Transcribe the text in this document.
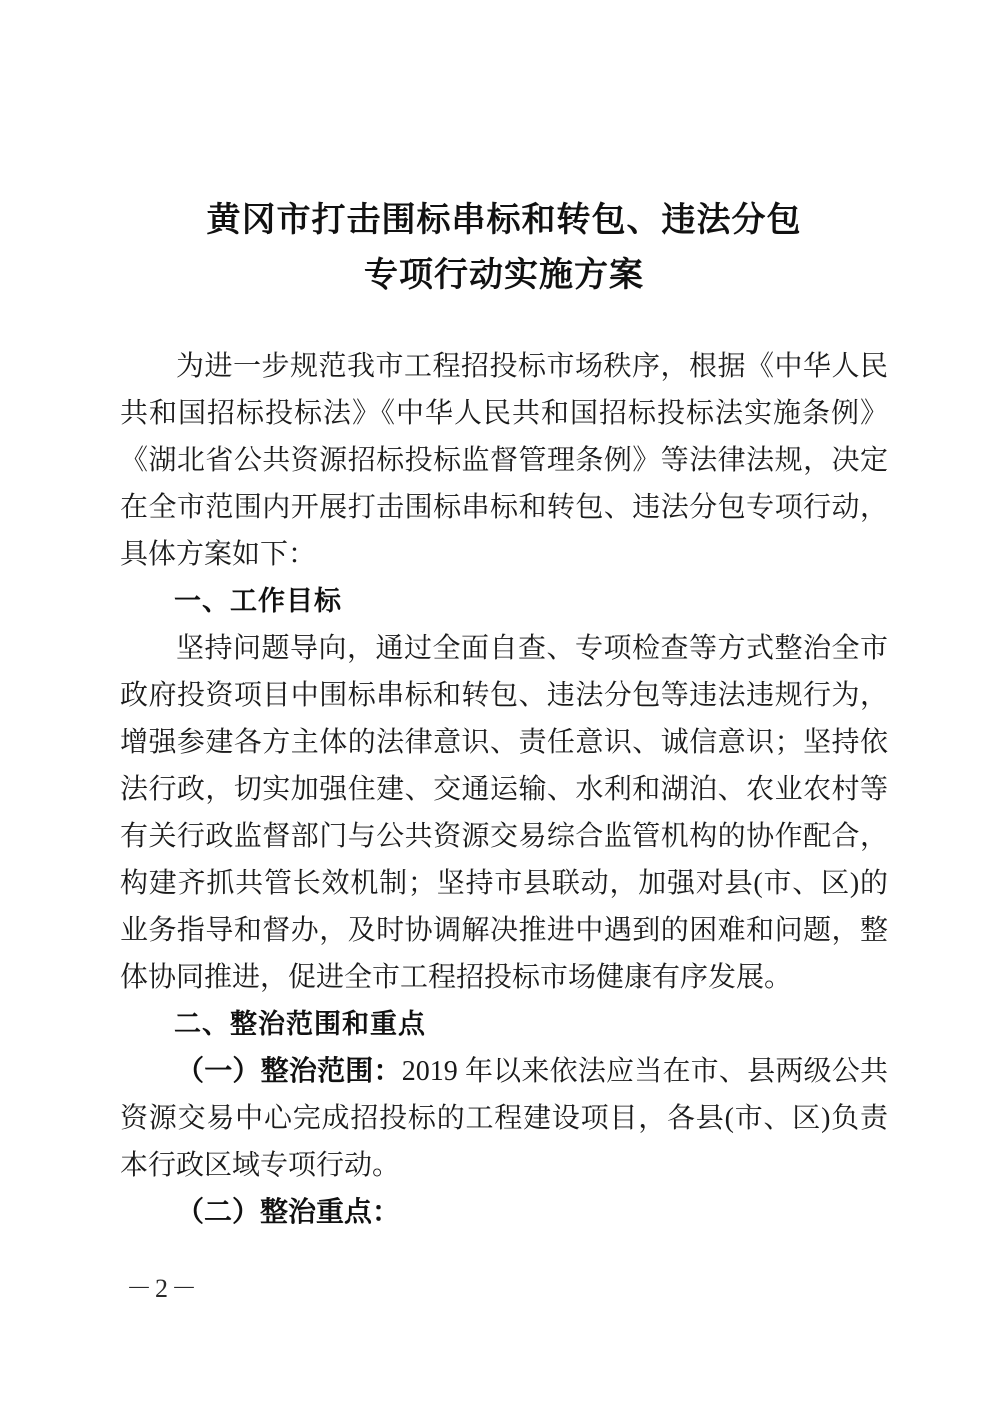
黄冈市打击围标串标和转包、违法分包
专项行动实施方案

为进一步规范我市工程招投标市场秩序，根据《中华人民共和国招标投标法》《中华人民共和国招标投标法实施条例》《湖北省公共资源招标投标监督管理条例》等法律法规，决定在全市范围内开展打击围标串标和转包、违法分包专项行动，具体方案如下：

一、工作目标

坚持问题导向，通过全面自查、专项检查等方式整治全市政府投资项目中围标串标和转包、违法分包等违法违规行为，增强参建各方主体的法律意识、责任意识、诚信意识；坚持依法行政，切实加强住建、交通运输、水利和湖泊、农业农村等有关行政监督部门与公共资源交易综合监管机构的协作配合，构建齐抓共管长效机制；坚持市县联动，加强对县(市、区)的业务指导和督办，及时协调解决推进中遇到的困难和问题，整体协同推进，促进全市工程招投标市场健康有序发展。

二、整治范围和重点

（一）整治范围：2019 年以来依法应当在市、县两级公共资源交易中心完成招投标的工程建设项目，各县(市、区)负责本行政区域专项行动。

（二）整治重点：

－2－
